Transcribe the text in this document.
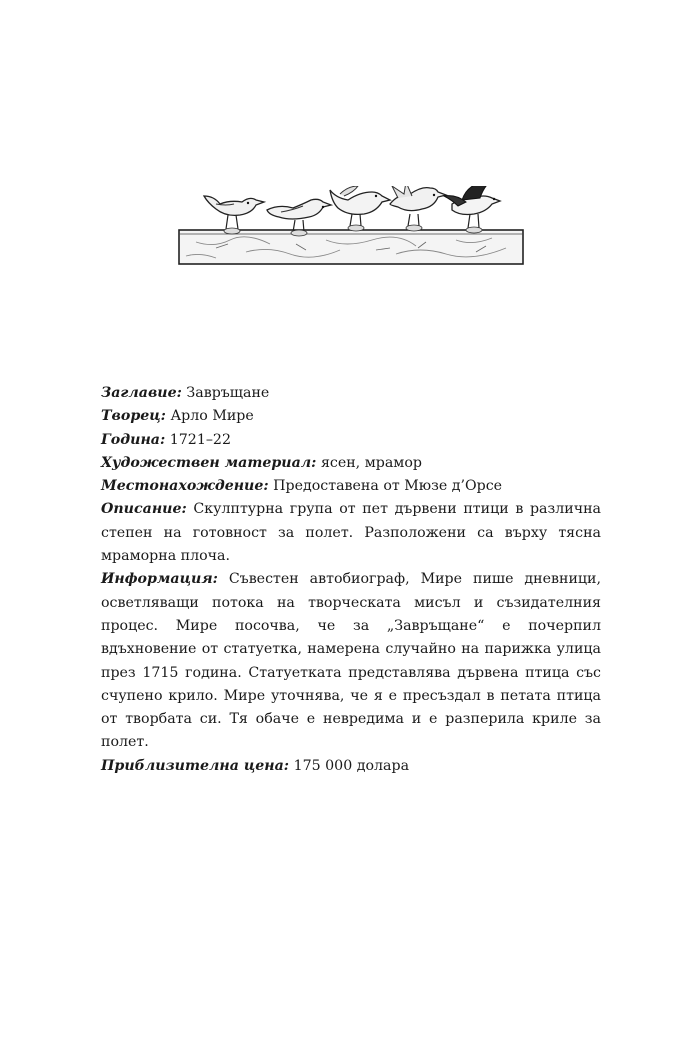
Заглавие: Завръщане

Творец: Арло Мире

Година: 1721–22

Художествен материал: ясен, мрамор

Местонахождение: Предоставена от Мюзе д’Орсе

Описание: Скулптурна група от пет дървени птици в различна степен на готовност за полет. Разположени са върху тясна мраморна плоча.

Информация: Съвестен автобиограф, Мире пише дневници, осветляващи потока на творческата мисъл и съзидателния процес. Мире посочва, че за „Завръщане“ е почерпил вдъхновение от статуетка, намерена случайно на парижка улица през 1715 година. Статуетката представлява дървена птица със счупено крило. Мире уточнява, че я е пресъздал в петата птица от творбата си. Тя обаче е невредима и е разперила криле за полет.

Приблизителна цена: 175 000 долара
